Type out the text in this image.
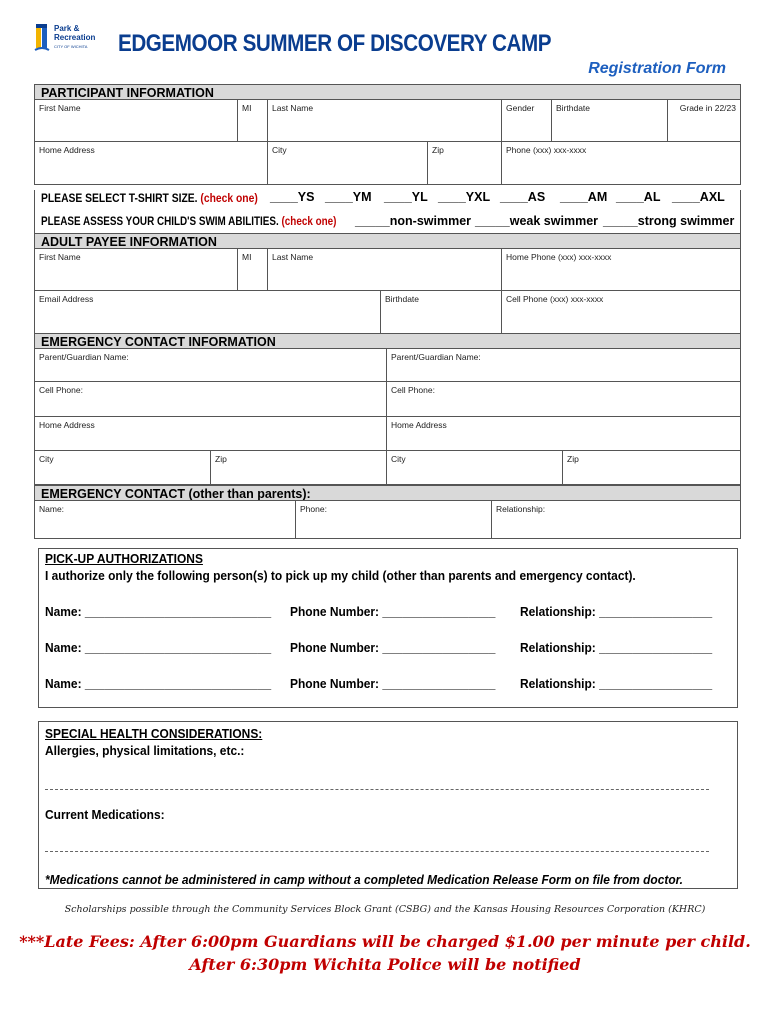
Park &
Recreation
CITY OF WICHITA	EDGEMOOR SUMMER OF DISCOVERY CAMP
Registration Form
PARTICIPANT INFORMATION
First Name	MI	Last Name	Gender	Birthdate	Grade in 22/23
Home Address	City	Zip	Phone (xxx) xxx-xxxx
PLEASE SELECT T-SHIRT SIZE. (check one) ____YS ____YM ____YL ____YXL ____AS ____AM ____AL ____AXL
PLEASE ASSESS YOUR CHILD'S SWIM ABILITIES. (check one)	_____non-swimmer _____weak swimmer _____strong swimmer
ADULT PAYEE INFORMATION
First Name	MI	Last Name	Home Phone (xxx) xxx-xxxx
Email Address	Birthdate	Cell Phone (xxx) xxx-xxxx
EMERGENCY CONTACT INFORMATION
Parent/Guardian Name:	Parent/Guardian Name:
Cell Phone:	Cell Phone:
Home Address	Home Address
City	Zip	City	Zip
EMERGENCY CONTACT (other than parents):
Name:	Phone:	Relationship:
PICK-UP AUTHORIZATIONS
I authorize only the following person(s) to pick up my child (other than parents and emergency contact).
Name: ____________________________ Phone Number: _________________ Relationship: _________________
Name: ____________________________ Phone Number: _________________ Relationship: _________________
Name: ____________________________ Phone Number: _________________ Relationship: _________________
SPECIAL HEALTH CONSIDERATIONS:
Allergies, physical limitations, etc.:
Current Medications:
*Medications cannot be administered in camp without a completed Medication Release Form on file from doctor.
Scholarships possible through the Community Services Block Grant (CSBG) and the Kansas Housing Resources Corporation (KHRC)
***Late Fees: After 6:00pm Guardians will be charged $1.00 per minute per child.
After 6:30pm Wichita Police will be notified
